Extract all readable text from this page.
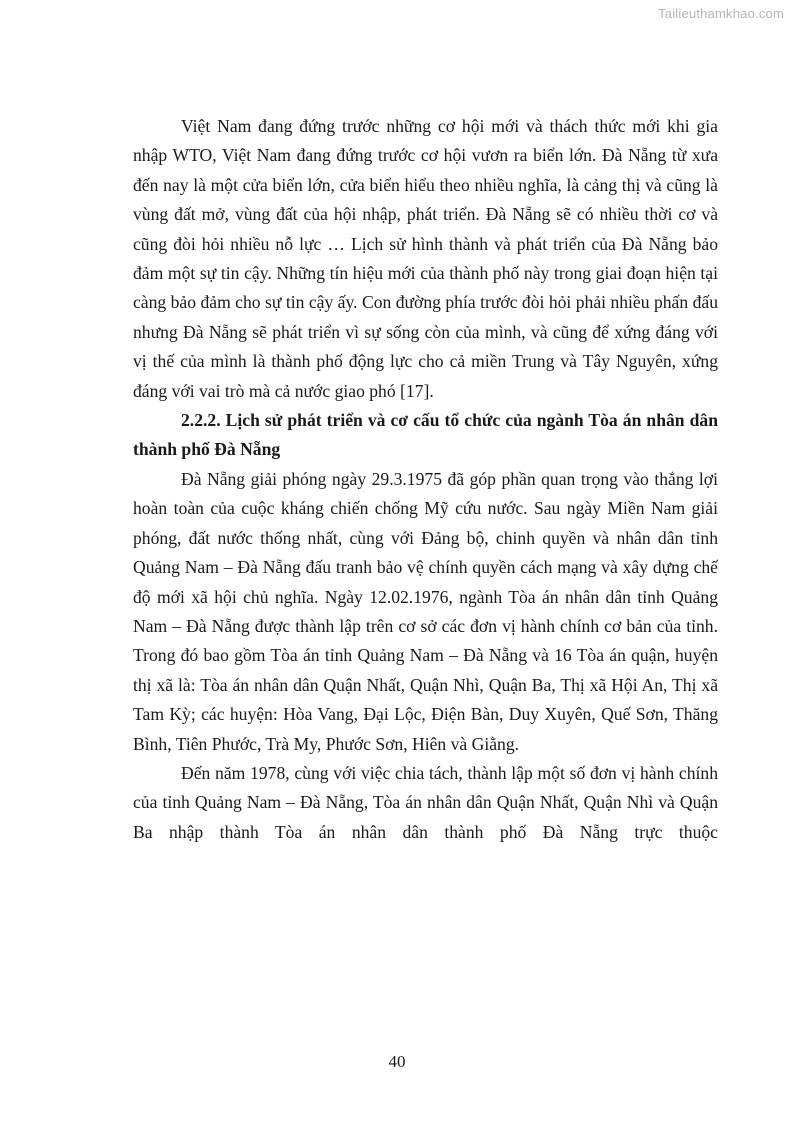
Tailieuthamkhao.com

Việt Nam đang đứng trước những cơ hội mới và thách thức mới khi gia nhập WTO, Việt Nam đang đứng trước cơ hội vươn ra biển lớn. Đà Nẵng từ xưa đến nay là một cửa biển lớn, cửa biển hiểu theo nhiều nghĩa, là cảng thị và cũng là vùng đất mở, vùng đất của hội nhập, phát triển. Đà Nẵng sẽ có nhiều thời cơ và cũng đòi hỏi nhiều nỗ lực … Lịch sử hình thành và phát triển của Đà Nẵng bảo đảm một sự tin cậy. Những tín hiệu mới của thành phố này trong giai đoạn hiện tại càng bảo đảm cho sự tin cậy ấy. Con đường phía trước đòi hỏi phải nhiều phấn đấu nhưng Đà Nẵng sẽ phát triển vì sự sống còn của mình, và cũng để xứng đáng với vị thế của mình là thành phố động lực cho cả miền Trung và Tây Nguyên, xứng đáng với vai trò mà cả nước giao phó [17].

2.2.2. Lịch sử phát triển và cơ cấu tổ chức của ngành Tòa án nhân dân thành phố Đà Nẵng

Đà Nẵng giải phóng ngày 29.3.1975 đã góp phần quan trọng vào thắng lợi hoàn toàn của cuộc kháng chiến chống Mỹ cứu nước. Sau ngày Miền Nam giải phóng, đất nước thống nhất, cùng với Đảng bộ, chinh quyền và nhân dân tỉnh Quảng Nam – Đà Nẵng đấu tranh bảo vệ chính quyền cách mạng và xây dựng chế độ mới xã hội chủ nghĩa. Ngày 12.02.1976, ngành Tòa án nhân dân tỉnh Quảng Nam – Đà Nẵng được thành lập trên cơ sở các đơn vị hành chính cơ bản của tỉnh. Trong đó bao gồm Tòa án tỉnh Quảng Nam – Đà Nẵng và 16 Tòa án quận, huyện thị xã là: Tòa án nhân dân Quận Nhất, Quận Nhì, Quận Ba, Thị xã Hội An, Thị xã Tam Kỳ; các huyện: Hòa Vang, Đại Lộc, Điện Bàn, Duy Xuyên, Quế Sơn, Thăng Bình, Tiên Phước, Trà My, Phước Sơn, Hiên và Giằng.

Đến năm 1978, cùng với việc chia tách, thành lập một số đơn vị hành chính của tỉnh Quảng Nam – Đà Nẵng, Tòa án nhân dân Quận Nhất, Quận Nhì và Quận Ba nhập thành Tòa án nhân dân thành phố Đà Nẵng trực thuộc

40
